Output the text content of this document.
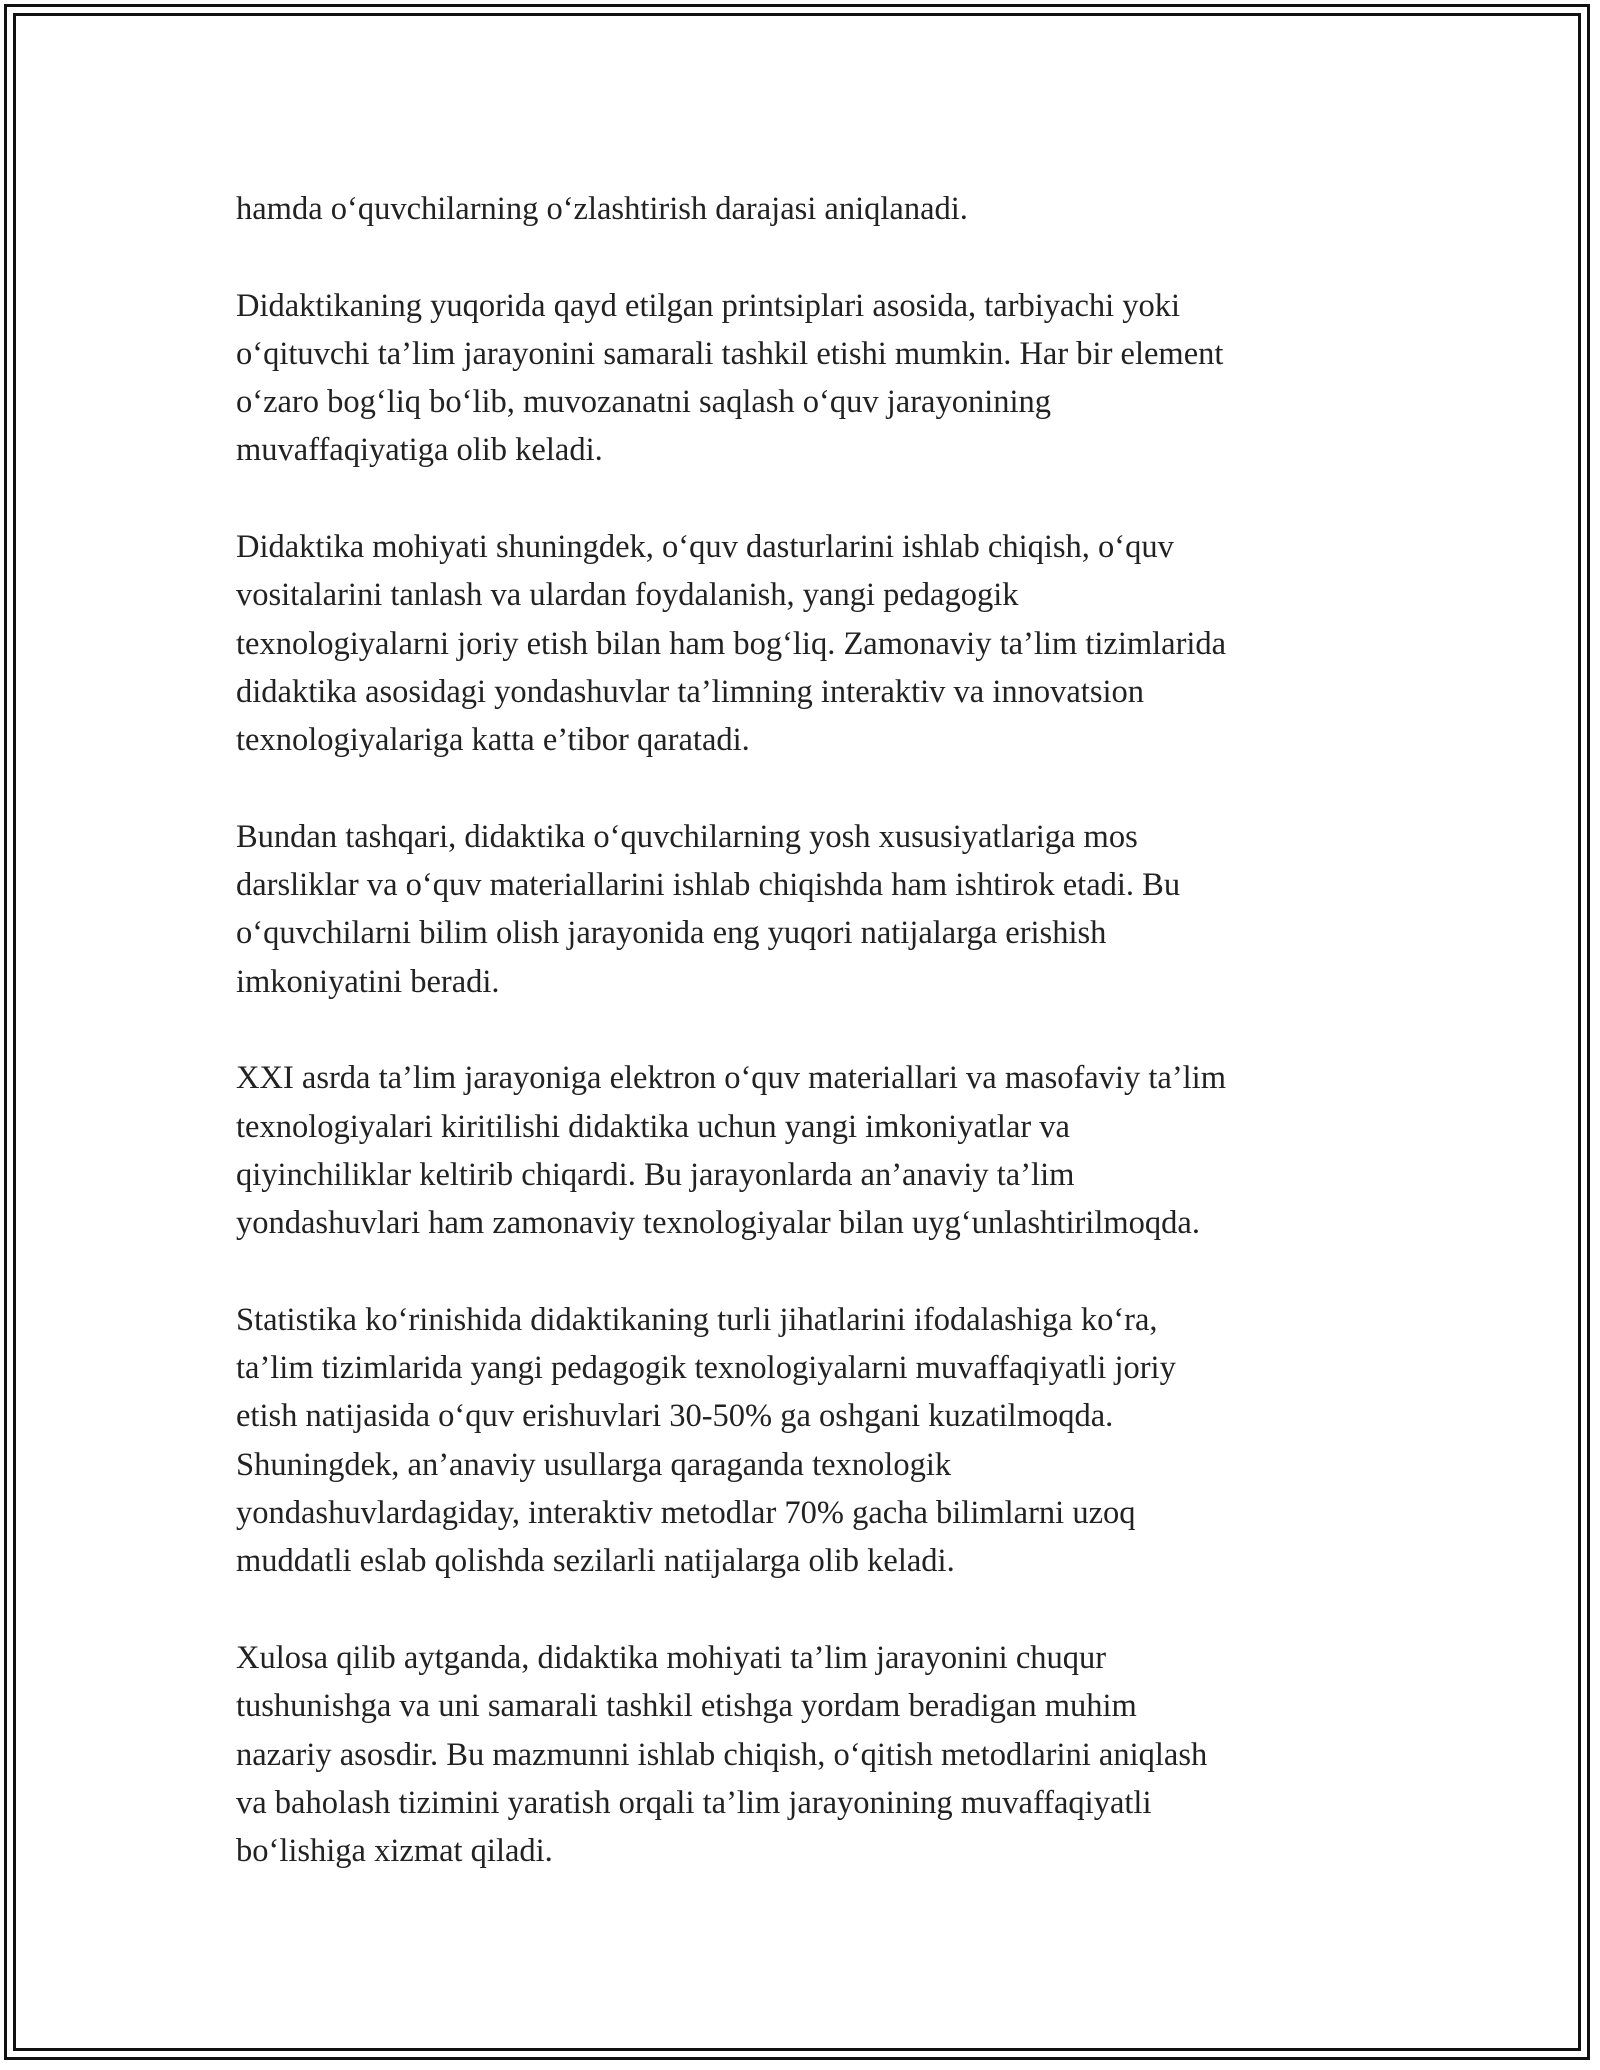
hamda o‘quvchilarning o‘zlashtirish darajasi aniqlanadi.

Didaktikaning yuqorida qayd etilgan printsiplari asosida, tarbiyachi yoki
o‘qituvchi ta’lim jarayonini samarali tashkil etishi mumkin. Har bir element
o‘zaro bog‘liq bo‘lib, muvozanatni saqlash o‘quv jarayonining
muvaffaqiyatiga olib keladi.

Didaktika mohiyati shuningdek, o‘quv dasturlarini ishlab chiqish, o‘quv
vositalarini tanlash va ulardan foydalanish, yangi pedagogik
texnologiyalarni joriy etish bilan ham bog‘liq. Zamonaviy ta’lim tizimlarida
didaktika asosidagi yondashuvlar ta’limning interaktiv va innovatsion
texnologiyalariga katta e’tibor qaratadi.

Bundan tashqari, didaktika o‘quvchilarning yosh xususiyatlariga mos
darsliklar va o‘quv materiallarini ishlab chiqishda ham ishtirok etadi. Bu
o‘quvchilarni bilim olish jarayonida eng yuqori natijalarga erishish
imkoniyatini beradi.

XXI asrda ta’lim jarayoniga elektron o‘quv materiallari va masofaviy ta’lim
texnologiyalari kiritilishi didaktika uchun yangi imkoniyatlar va
qiyinchiliklar keltirib chiqardi. Bu jarayonlarda an’anaviy ta’lim
yondashuvlari ham zamonaviy texnologiyalar bilan uyg‘unlashtirilmoqda.

Statistika ko‘rinishida didaktikaning turli jihatlarini ifodalashiga ko‘ra,
ta’lim tizimlarida yangi pedagogik texnologiyalarni muvaffaqiyatli joriy
etish natijasida o‘quv erishuvlari 30-50% ga oshgani kuzatilmoqda.
Shuningdek, an’anaviy usullarga qaraganda texnologik
yondashuvlardagiday, interaktiv metodlar 70% gacha bilimlarni uzoq
muddatli eslab qolishda sezilarli natijalarga olib keladi.

Xulosa qilib aytganda, didaktika mohiyati ta’lim jarayonini chuqur
tushunishga va uni samarali tashkil etishga yordam beradigan muhim
nazariy asosdir. Bu mazmunni ishlab chiqish, o‘qitish metodlarini aniqlash
va baholash tizimini yaratish orqali ta’lim jarayonining muvaffaqiyatli
bo‘lishiga xizmat qiladi.
